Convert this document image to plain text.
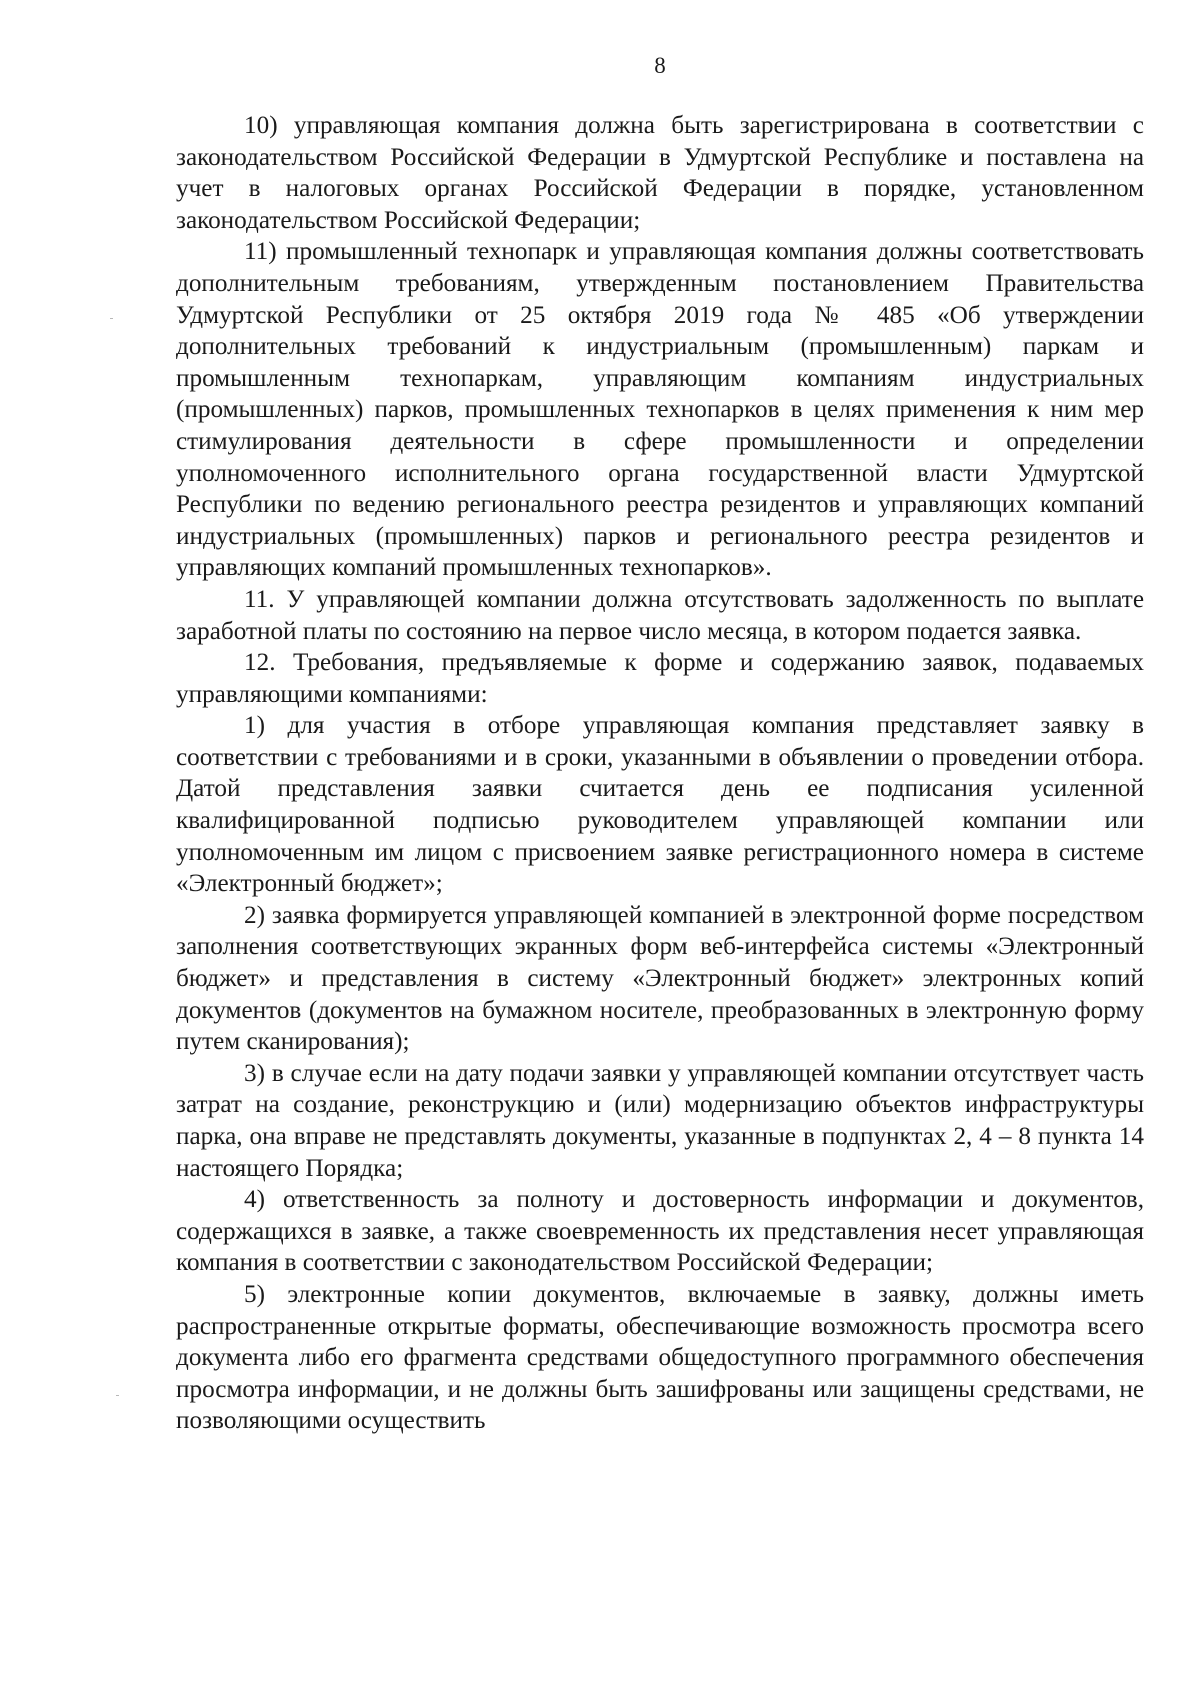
8

10) управляющая компания должна быть зарегистрирована в соответствии с законодательством Российской Федерации в Удмуртской Республике и поставлена на учет в налоговых органах Российской Федерации в порядке, установленном законодательством Российской Федерации;

11) промышленный технопарк и управляющая компания должны соответствовать дополнительным требованиям, утвержденным постановлением Правительства Удмуртской Республики от 25 октября 2019 года № 485 «Об утверждении дополнительных требований к индустриальным (промышленным) паркам и промышленным технопаркам, управляющим компаниям индустриальных (промышленных) парков, промышленных технопарков в целях применения к ним мер стимулирования деятельности в сфере промышленности и определении уполномоченного исполнительного органа государственной власти Удмуртской Республики по ведению регионального реестра резидентов и управляющих компаний индустриальных (промышленных) парков и регионального реестра резидентов и управляющих компаний промышленных технопарков».

11. У управляющей компании должна отсутствовать задолженность по выплате заработной платы по состоянию на первое число месяца, в котором подается заявка.

12. Требования, предъявляемые к форме и содержанию заявок, подаваемых управляющими компаниями:

1) для участия в отборе управляющая компания представляет заявку в соответствии с требованиями и в сроки, указанными в объявлении о проведении отбора. Датой представления заявки считается день ее подписания усиленной квалифицированной подписью руководителем управляющей компании или уполномоченным им лицом с присвоением заявке регистрационного номера в системе «Электронный бюджет»;

2) заявка формируется управляющей компанией в электронной форме посредством заполнения соответствующих экранных форм веб-интерфейса системы «Электронный бюджет» и представления в систему «Электронный бюджет» электронных копий документов (документов на бумажном носителе, преобразованных в электронную форму путем сканирования);

3) в случае если на дату подачи заявки у управляющей компании отсутствует часть затрат на создание, реконструкцию и (или) модернизацию объектов инфраструктуры парка, она вправе не представлять документы, указанные в подпунктах 2, 4 – 8 пункта 14 настоящего Порядка;

4) ответственность за полноту и достоверность информации и документов, содержащихся в заявке, а также своевременность их представления несет управляющая компания в соответствии с законодательством Российской Федерации;

5) электронные копии документов, включаемые в заявку, должны иметь распространенные открытые форматы, обеспечивающие возможность просмотра всего документа либо его фрагмента средствами общедоступного программного обеспечения просмотра информации, и не должны быть зашифрованы или защищены средствами, не позволяющими осуществить
